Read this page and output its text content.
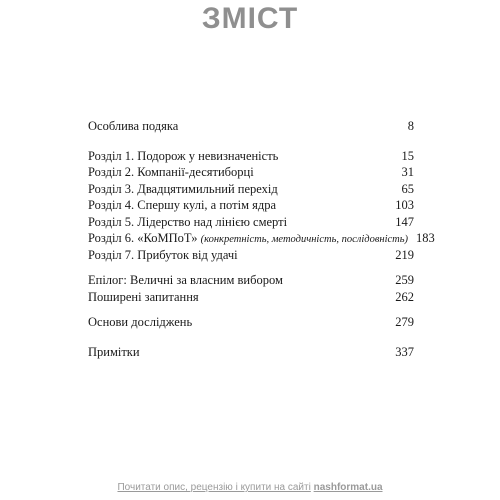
ЗМІСТ
Особлива подяка	8
Розділ 1. Подорож у невизначеність	15
Розділ 2. Компанії-десятиборці	31
Розділ 3. Двадцятимильний перехід	65
Розділ 4. Спершу кулі, а потім ядра	103
Розділ 5. Лідерство над лінією смерті	147
Розділ 6. «КоМПоТ» (конкретність, методичність, послідовність) 183
Розділ 7. Прибуток від удачі	219
Епілог: Величні за власним вибором	259
Поширені запитання	262
Основи досліджень	279
Примітки	337
Почитати опис, рецензію і купити на сайті nashformat.ua
